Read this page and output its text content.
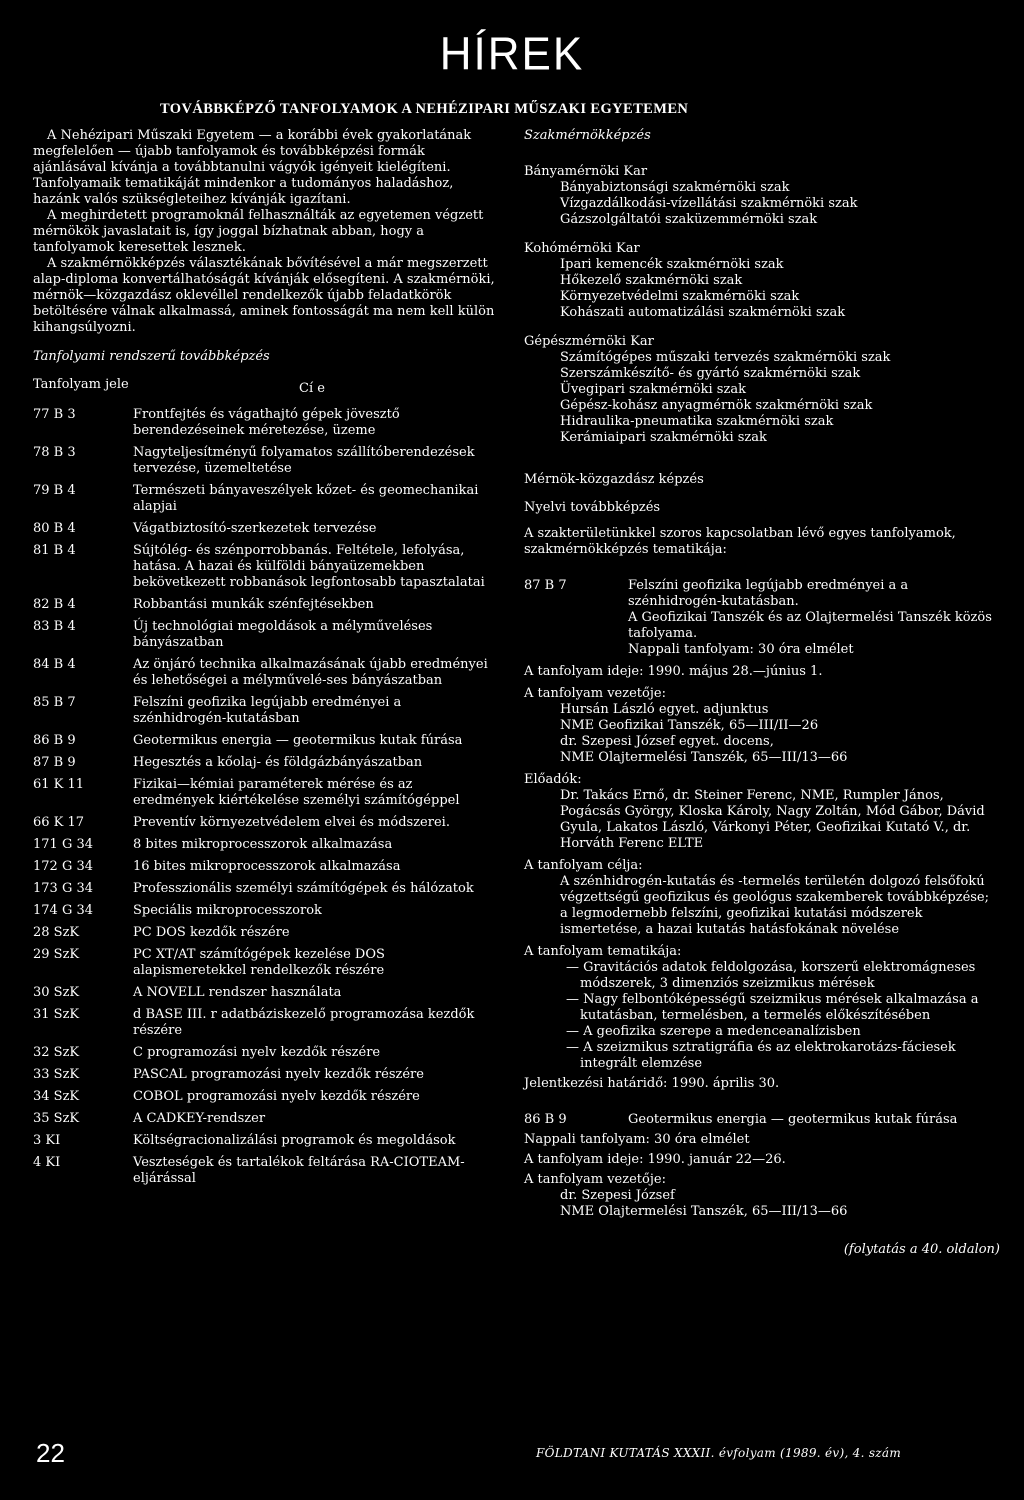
HÍREK
TOVÁBBKÉPZŐ TANFOLYAMOK A NEHÉZIPARI MŰSZAKI EGYETEMEN

A Nehézipari Műszaki Egyetem — a korábbi évek gyakorlatának megfelelően — újabb tanfolyamok és továbbképzési formák ajánlásával kívánja a továbbtanulni vágyók igényeit kielégíteni. Tanfolyamaik tematikáját mindenkor a tudományos haladáshoz, hazánk valós szükségleteihez kívánják igazítani.

A meghirdetett programoknál felhasználták az egyetemen végzett mérnökök javaslatait is, így joggal bízhatnak abban, hogy a tanfolyamok keresettek lesznek.

A szakmérnökképzés választékának bővítésével a már megszerzett alap-diploma konvertálhatóságát kívánják elősegíteni. A szakmérnöki, mérnök—közgazdász oklevéllel rendelkezők újabb feladatkörök betöltésére válnak alkalmassá, aminek fontosságát ma nem kell külön kihangsúlyozni.

Tanfolyami rendszerű továbbképzés

Tanfolyam jele	Cí e
77 B 3	Frontfejtés és vágathajtó gépek jövesztő berendezéseinek méretezése, üzeme
78 B 3	Nagyteljesítményű folyamatos szállítóberendezések tervezése, üzemeltetése
79 B 4	Természeti bányaveszélyek kőzet- és geomechanikai alapjai
80 B 4	Vágatbiztosító-szerkezetek tervezése
81 B 4	Sújtólég- és szénporrobbanás. Feltétele, lefolyása, hatása. A hazai és külföldi bányaüzemekben bekövetkezett robbanások legfontosabb tapasztalatai
82 B 4	Robbantási munkák szénfejtésekben
83 B 4	Új technológiai megoldások a mélyműveléses bányászatban
84 B 4	Az önjáró technika alkalmazásának újabb eredményei és lehetőségei a mélyművelé-ses bányászatban
85 B 7	Felszíni geofizika legújabb eredményei a szénhidrogén-kutatásban
86 B 9	Geotermikus energia — geotermikus kutak fúrása
87 B 9	Hegesztés a kőolaj- és földgázbányászatban
61 K 11	Fizikai—kémiai paraméterek mérése és az eredmények kiértékelése személyi számítógéppel
66 K 17	Preventív környezetvédelem elvei és módszerei.
171 G 34	8 bites mikroprocesszorok alkalmazása
172 G 34	16 bites mikroprocesszorok alkalmazása
173 G 34	Professzionális személyi számítógépek és hálózatok
174 G 34	Speciális mikroprocesszorok
28 SzK	PC DOS kezdők részére
29 SzK	PC XT/AT számítógépek kezelése DOS alapismeretekkel rendelkezők részére
30 SzK	A NOVELL rendszer használata
31 SzK	d BASE III. r adatbáziskezelő programozása kezdők részére
32 SzK	C programozási nyelv kezdők részére
33 SzK	PASCAL programozási nyelv kezdők részére
34 SzK	COBOL programozási nyelv kezdők részére
35 SzK	A CADKEY-rendszer
3 KI	Költségracionalizálási programok és megoldások
4 KI	Veszteségek és tartalékok feltárása RA-CIOTEAM-eljárással

Szakmérnökképzés

Bányamérnöki Kar

Bányabiztonsági szakmérnöki szak

Vízgazdálkodási-vízellátási szakmérnöki szak

Gázszolgáltatói szaküzemmérnöki szak

Kohómérnöki Kar

Ipari kemencék szakmérnöki szak

Hőkezelő szakmérnöki szak

Környezetvédelmi szakmérnöki szak

Kohászati automatizálási szakmérnöki szak

Gépészmérnöki Kar

Számítógépes műszaki tervezés szakmérnöki szak

Szerszámkészítő- és gyártó szakmérnöki szak

Üvegipari szakmérnöki szak

Gépész-kohász anyagmérnök szakmérnöki szak

Hidraulika-pneumatika szakmérnöki szak

Kerámiaipari szakmérnöki szak

Mérnök-közgazdász képzés

Nyelvi továbbképzés

A szakterületünkkel szoros kapcsolatban lévő egyes tanfolyamok, szakmérnökképzés tematikája:

87 B 7	Felszíni geofizika legújabb eredményei a a szénhidrogén-kutatásban.

A Geofizikai Tanszék és az Olajtermelési Tanszék közös tafolyama.

Nappali tanfolyam: 30 óra elmélet

A tanfolyam ideje: 1990. május 28.—június 1.

A tanfolyam vezetője:

Hursán László egyet. adjunktus

NME Geofizikai Tanszék, 65—III/II—26

dr. Szepesi József egyet. docens,

NME Olajtermelési Tanszék, 65—III/13—66

Előadók:

Dr. Takács Ernő, dr. Steiner Ferenc, NME, Rumpler János, Pogácsás György, Kloska Károly, Nagy Zoltán, Mód Gábor, Dávid Gyula, Lakatos László, Várkonyi Péter, Geofizikai Kutató V., dr. Horváth Ferenc ELTE

A tanfolyam célja:

A szénhidrogén-kutatás és -termelés területén dolgozó felsőfokú végzettségű geofizikus és geológus szakemberek továbbképzése; a legmodernebb felszíni, geofizikai kutatási módszerek ismertetése, a hazai kutatás hatásfokának növelése

A tanfolyam tematikája:

— Gravitációs adatok feldolgozása, korszerű elektromágneses módszerek, 3 dimenziós szeizmikus mérések

— Nagy felbontóképességű szeizmikus mérések alkalmazása a kutatásban, termelésben, a termelés előkészítésében

— A geofizika szerepe a medenceanalízisben

— A szeizmikus sztratigráfia és az elektrokarotázs-fáciesek integrált elemzése

Jelentkezési határidő: 1990. április 30.

86 B 9	Geotermikus energia — geotermikus kutak fúrása

Nappali tanfolyam: 30 óra elmélet

A tanfolyam ideje: 1990. január 22—26.

A tanfolyam vezetője:

dr. Szepesi József

NME Olajtermelési Tanszék, 65—III/13—66

(folytatás a 40. oldalon)

22	FÖLDTANI KUTATÁS XXXII. évfolyam (1989. év), 4. szám
